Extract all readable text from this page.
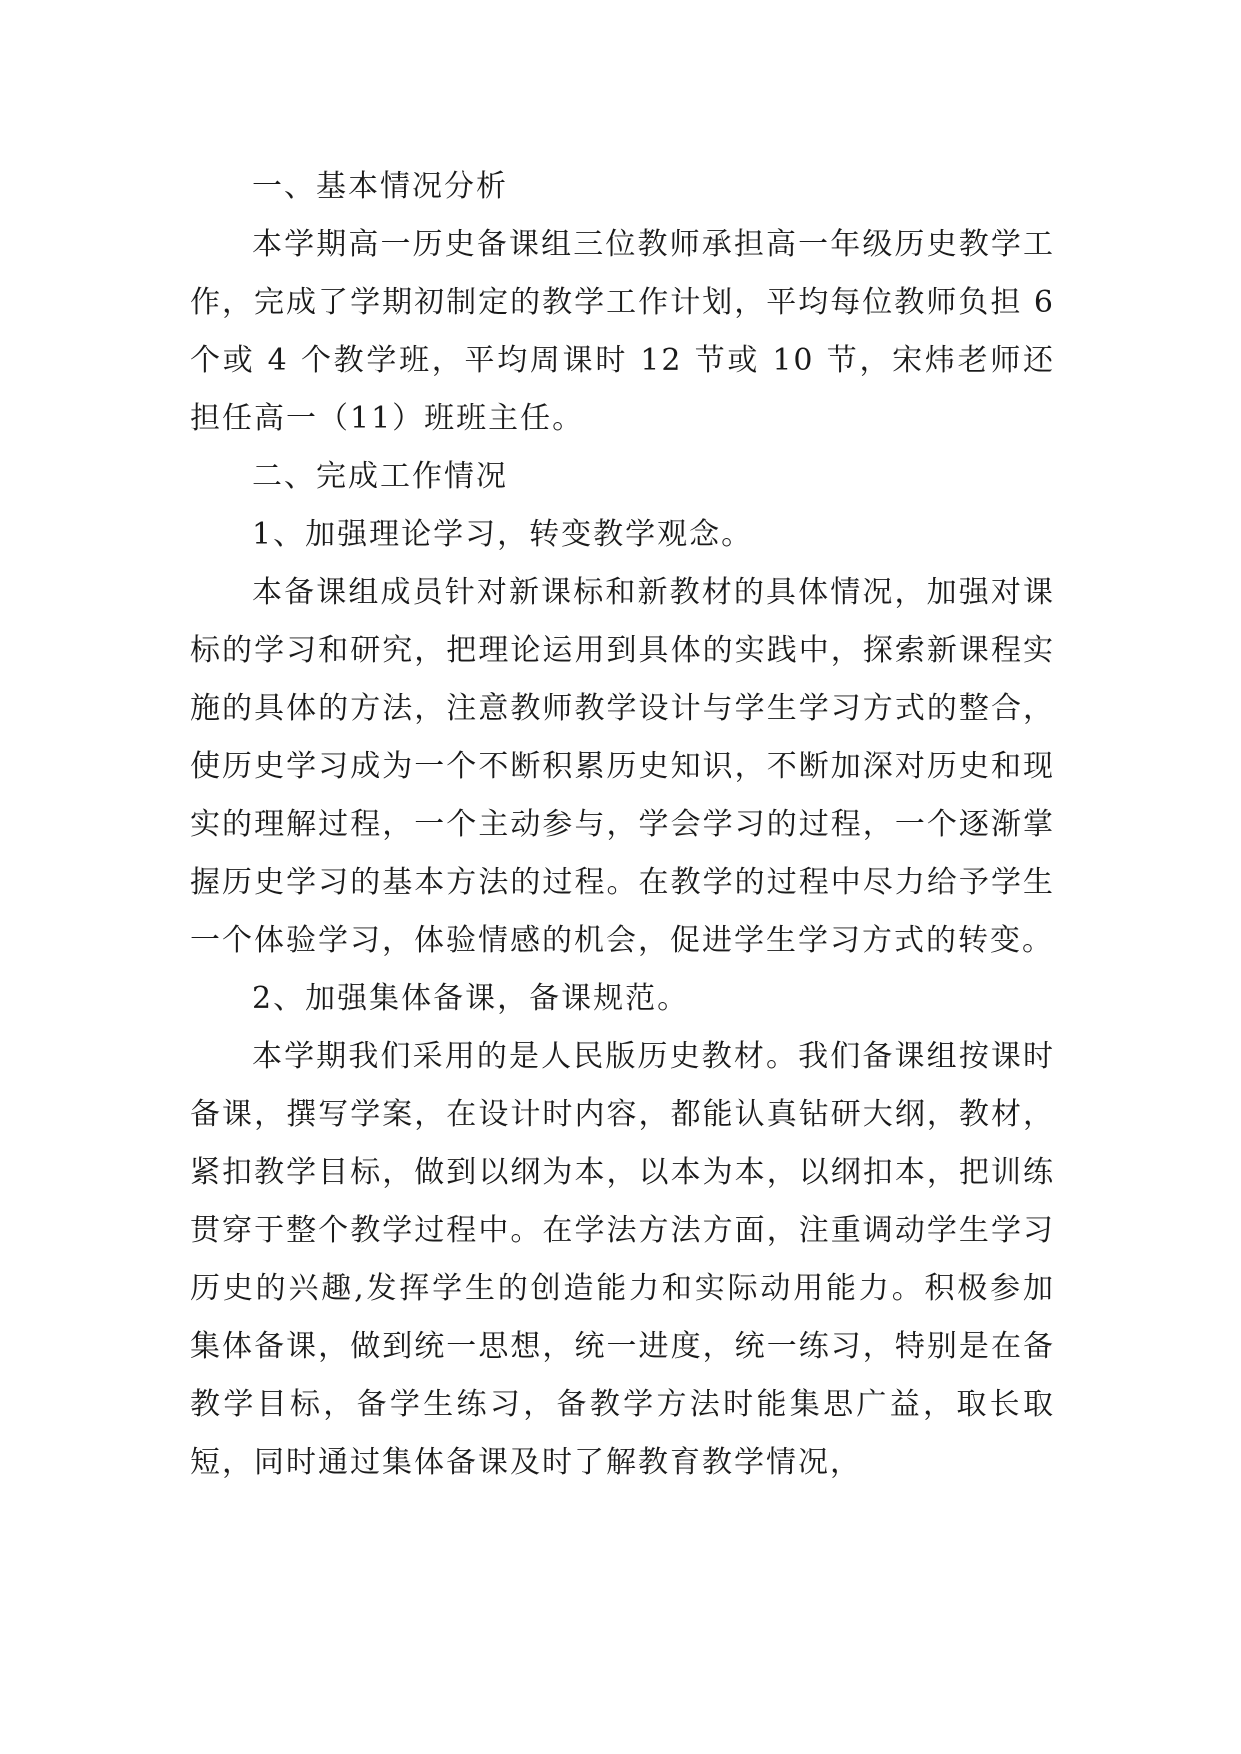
一、基本情况分析

本学期高一历史备课组三位教师承担高一年级历史教学工作，完成了学期初制定的教学工作计划，平均每位教师负担 6 个或 4 个教学班，平均周课时 12 节或 10 节，宋炜老师还担任高一（11）班班主任。

二、完成工作情况

1、加强理论学习，转变教学观念。

本备课组成员针对新课标和新教材的具体情况，加强对课标的学习和研究，把理论运用到具体的实践中，探索新课程实施的具体的方法，注意教师教学设计与学生学习方式的整合，使历史学习成为一个不断积累历史知识，不断加深对历史和现实的理解过程，一个主动参与，学会学习的过程，一个逐渐掌握历史学习的基本方法的过程。在教学的过程中尽力给予学生一个体验学习，体验情感的机会，促进学生学习方式的转变。

2、加强集体备课，备课规范。

本学期我们采用的是人民版历史教材。我们备课组按课时备课，撰写学案，在设计时内容，都能认真钻研大纲，教材，紧扣教学目标，做到以纲为本，以本为本，以纲扣本，把训练贯穿于整个教学过程中。在学法方法方面，注重调动学生学习历史的兴趣,发挥学生的创造能力和实际动用能力。积极参加集体备课，做到统一思想，统一进度，统一练习，特别是在备教学目标，备学生练习，备教学方法时能集思广益，取长取短，同时通过集体备课及时了解教育教学情况，
